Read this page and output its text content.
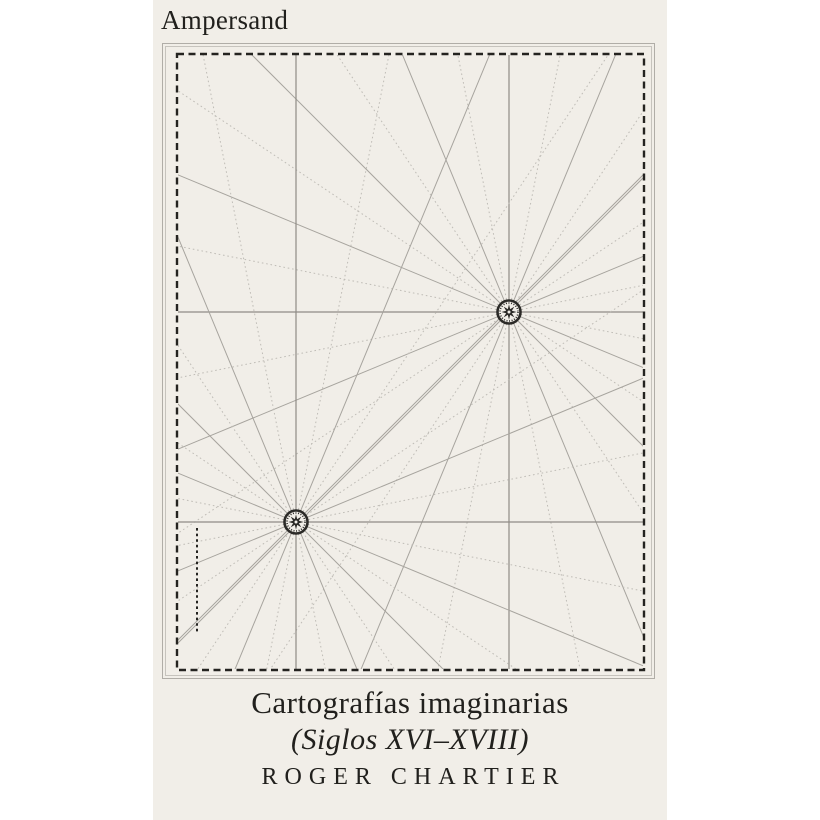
Ampersand
Cartografías imaginarias
(Siglos XVI–XVIII)
ROGER CHARTIER
